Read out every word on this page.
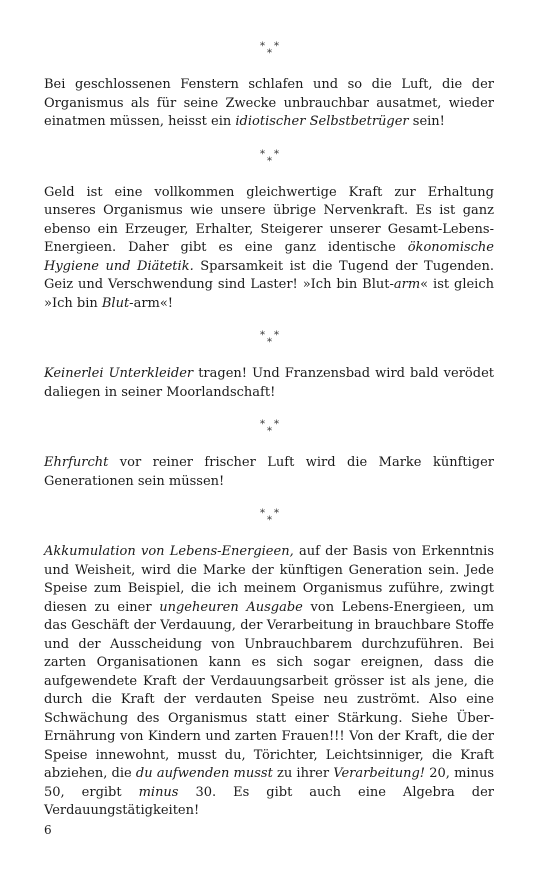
* *
*

Bei geschlossenen Fenstern schlafen und so die Luft, die der Organismus als für seine Zwecke unbrauchbar ausatmet, wieder einatmen müssen, heisst ein idiotischer Selbstbetrüger sein!

* *
*

Geld ist eine vollkommen gleichwertige Kraft zur Erhaltung unseres Organismus wie unsere übrige Nervenkraft. Es ist ganz ebenso ein Erzeuger, Erhalter, Steigerer unserer Gesamt-Lebens-Energieen. Daher gibt es eine ganz identische ökonomische Hygiene und Diätetik. Sparsamkeit ist die Tugend der Tugenden. Geiz und Verschwendung sind Laster! »Ich bin Blut-arm« ist gleich »Ich bin Blut-arm«!

* *
*

Keinerlei Unterkleider tragen! Und Franzensbad wird bald verödet daliegen in seiner Moorlandschaft!

* *
*

Ehrfurcht vor reiner frischer Luft wird die Marke künftiger Generationen sein müssen!

* *
*

Akkumulation von Lebens-Energieen, auf der Basis von Erkenntnis und Weisheit, wird die Marke der künftigen Generation sein. Jede Speise zum Beispiel, die ich meinem Organismus zuführe, zwingt diesen zu einer ungeheuren Ausgabe von Lebens-Energieen, um das Geschäft der Verdauung, der Verarbeitung in brauchbare Stoffe und der Ausscheidung von Unbrauchbarem durchzuführen. Bei zarten Organisationen kann es sich sogar ereignen, dass die aufgewendete Kraft der Verdauungsarbeit grösser ist als jene, die durch die Kraft der verdauten Speise neu zuströmt. Also eine Schwächung des Organismus statt einer Stärkung. Siehe Über-Ernährung von Kindern und zarten Frauen!!! Von der Kraft, die der Speise innewohnt, musst du, Törichter, Leichtsinniger, die Kraft abziehen, die du aufwenden musst zu ihrer Verarbeitung! 20, minus 50, ergibt minus 30. Es gibt auch eine Algebra der Verdauungstätigkeiten!

6
